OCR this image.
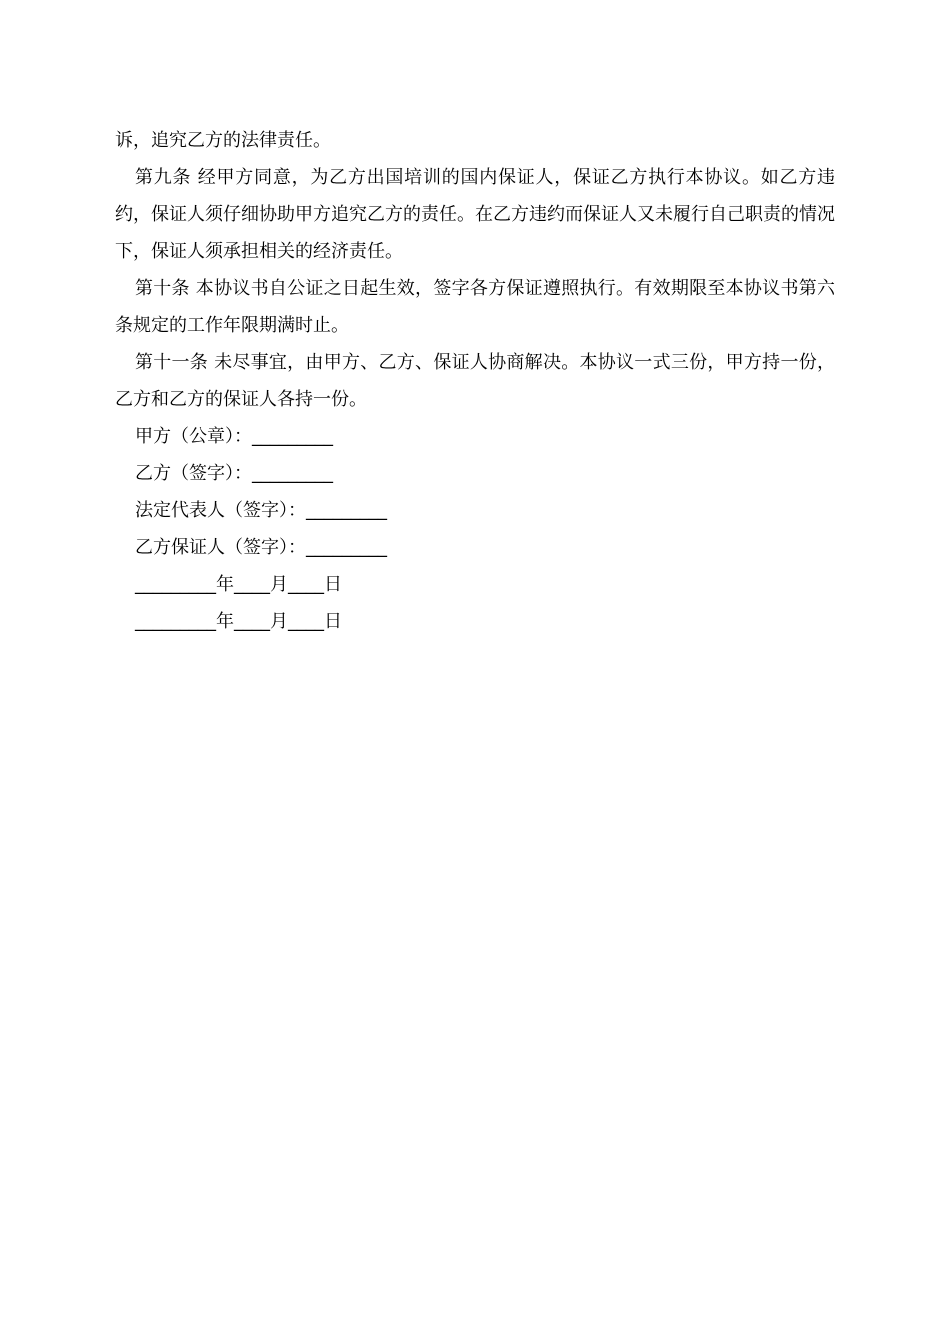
诉，追究乙方的法律责任。

第九条 经甲方同意，为乙方出国培训的国内保证人，保证乙方执行本协议。如乙方违约，保证人须仔细协助甲方追究乙方的责任。在乙方违约而保证人又未履行自己职责的情况下，保证人须承担相关的经济责任。

第十条 本协议书自公证之日起生效，签字各方保证遵照执行。有效期限至本协议书第六条规定的工作年限期满时止。

第十一条 未尽事宜，由甲方、乙方、保证人协商解决。本协议一式三份，甲方持一份，乙方和乙方的保证人各持一份。

甲方（公章）：_________

乙方（签字）：_________

法定代表人（签字）：_________

乙方保证人（签字）：_________

_________年____月____日

_________年____月____日
